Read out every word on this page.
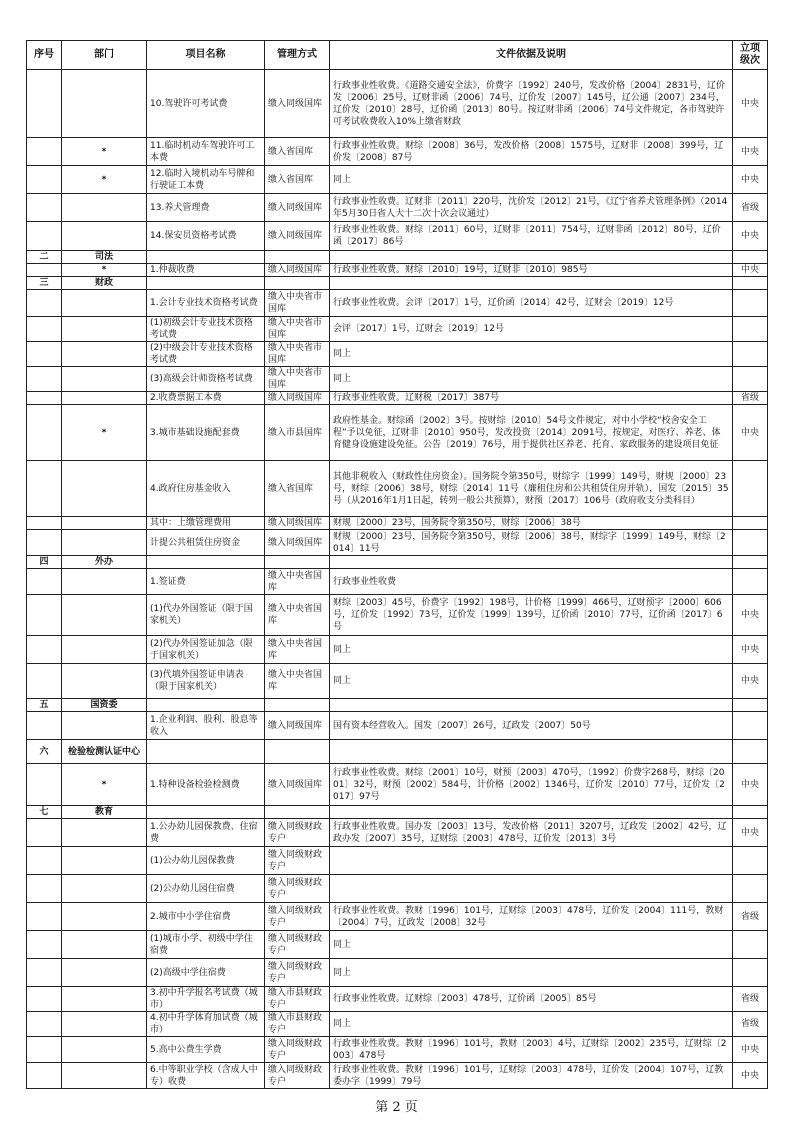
序号	部门	项目名称	管理方式	文件依据及说明	立项级次
		10.驾驶许可考试费	缴入同级国库	行政事业性收费。《道路交通安全法》，价费字〔1992〕240号，发改价格〔2004〕2831号，辽价发〔2006〕25号，辽财非函〔2006〕74号，辽价发〔2007〕145号，辽公通〔2007〕234号，辽价发〔2010〕28号，辽价函〔2013〕80号。按辽财非函〔2006〕74号文件规定，各市驾驶许可考试收费收入10%上缴省财政	中央
	*	11.临时机动车驾驶许可工本费	缴入省国库	行政事业性收费。财综〔2008〕36号，发改价格〔2008〕1575号，辽财非〔2008〕399号，辽价发〔2008〕87号	中央
	*	12.临时入境机动车号牌和行驶证工本费	缴入省国库	同上	中央
		13.养犬管理费	缴入同级国库	行政事业性收费。辽财非〔2011〕220号，沈价发〔2012〕21号，《辽宁省养犬管理条例》（2014年5月30日省人大十二次十次会议通过）	省级
		14.保安员资格考试费	缴入同级国库	行政事业性收费。财综〔2011〕60号，辽财非〔2011〕754号，辽财非函〔2012〕80号，辽价函〔2017〕86号	中央
二	司法				
	*	1.仲裁收费	缴入同级国库	行政事业性收费。财综〔2010〕19号，辽财非〔2010〕985号	中央
三	财政				
		1.会计专业技术资格考试费	缴入中央省市国库	行政事业性收费。会评〔2017〕1号，辽价函〔2014〕42号，辽财会〔2019〕12号	
		(1)初级会计专业技术资格考试费	缴入中央省市国库	会评〔2017〕1号，辽财会〔2019〕12号	
		(2)中级会计专业技术资格考试费	缴入中央省市国库	同上	
		(3)高级会计师资格考试费	缴入中央省市国库	同上	
		2.收费票据工本费	缴入同级国库	行政事业性收费。辽财税〔2017〕387号	省级
	*	3.城市基础设施配套费	缴入市县国库	政府性基金。财综函〔2002〕3号。按财综〔2010〕54号文件规定，对中小学校“校舍安全工程”予以免征，辽财非〔2010〕950号，发改投资〔2014〕2091号，按规定，对医疗、养老、体育健身设施建设免征。公告〔2019〕76号，用于提供社区养老、托育、家政服务的建设项目免征	中央
		4.政府住房基金收入	缴入省国库	其他非税收入（财政性住房资金）。国务院令第350号，财综字〔1999〕149号，财规〔2000〕23号，财综〔2006〕38号，财综〔2014〕11号（廉租住房和公共租赁住房并轨），国发〔2015〕35号（从2016年1月1日起，转列一般公共预算），财预〔2017〕106号（政府收支分类科目）	
		其中：上缴管理费用	缴入同级国库	财规〔2000〕23号，国务院令第350号，财综〔2006〕38号	
		计提公共租赁住房资金	缴入同级国库	财规〔2000〕23号，国务院令第350号，财综〔2006〕38号，财综字〔1999〕149号，财综〔2014〕11号	
四	外办				
		1.签证费	缴入中央省国库	行政事业性收费	
		(1)代办外国签证（限于国家机关）	缴入中央省国库	财综〔2003〕45号，价费字〔1992〕198号，计价格〔1999〕466号，辽财预字〔2000〕606号，辽价发〔1992〕73号，辽价发〔1999〕139号，辽价函〔2010〕77号，辽价函〔2017〕6号	中央
		(2)代办外国签证加急（限于国家机关）	缴入中央省国库	同上	中央
		(3)代填外国签证申请表（限于国家机关）	缴入中央省国库	同上	中央
五	国资委				
		1.企业利润、股利、股息等收入	缴入同级国库	国有资本经营收入。国发〔2007〕26号，辽政发〔2007〕50号	
六	检验检测认证中心				
	*	1.特种设备检验检测费	缴入同级国库	行政事业性收费。财综〔2001〕10号，财预〔2003〕470号，〔1992〕价费字268号，财综〔2001〕32号，财预〔2002〕584号，计价格〔2002〕1346号，辽价发〔2010〕77号，辽价发〔2017〕97号	中央
七	教育				
		1.公办幼儿园保教费、住宿费	缴入同级财政专户	行政事业性收费。国办发〔2003〕13号，发改价格〔2011〕3207号，辽政发〔2002〕42号，辽政办发〔2007〕35号，辽财综〔2003〕478号，辽价发〔2013〕3号	中央
		(1)公办幼儿园保教费	缴入同级财政专户		
		(2)公办幼儿园住宿费	缴入同级财政专户		
		2.城市中小学住宿费	缴入同级财政专户	行政事业性收费。教财〔1996〕101号，辽财综〔2003〕478号，辽价发〔2004〕111号，教财〔2004〕7号，辽政发〔2008〕32号	省级
		(1)城市小学、初级中学住宿费	缴入同级财政专户	同上	
		(2)高级中学住宿费	缴入同级财政专户	同上	
		3.初中升学报名考试费（城市）	缴入市县财政专户	行政事业性收费。辽财综〔2003〕478号，辽价函〔2005〕85号	省级
		4.初中升学体育加试费（城市）	缴入市县财政专户	同上	省级
		5.高中公费生学费	缴入同级财政专户	行政事业性收费。教财〔1996〕101号，教财〔2003〕4号，辽财综〔2002〕235号，辽财综〔2003〕478号	中央
		6.中等职业学校（含成人中专）收费	缴入同级财政专户	行政事业性收费。教财〔1996〕101号，辽财综〔2003〕478号，辽价发〔2004〕107号，辽教委办字〔1999〕79号	中央
第 2 页
